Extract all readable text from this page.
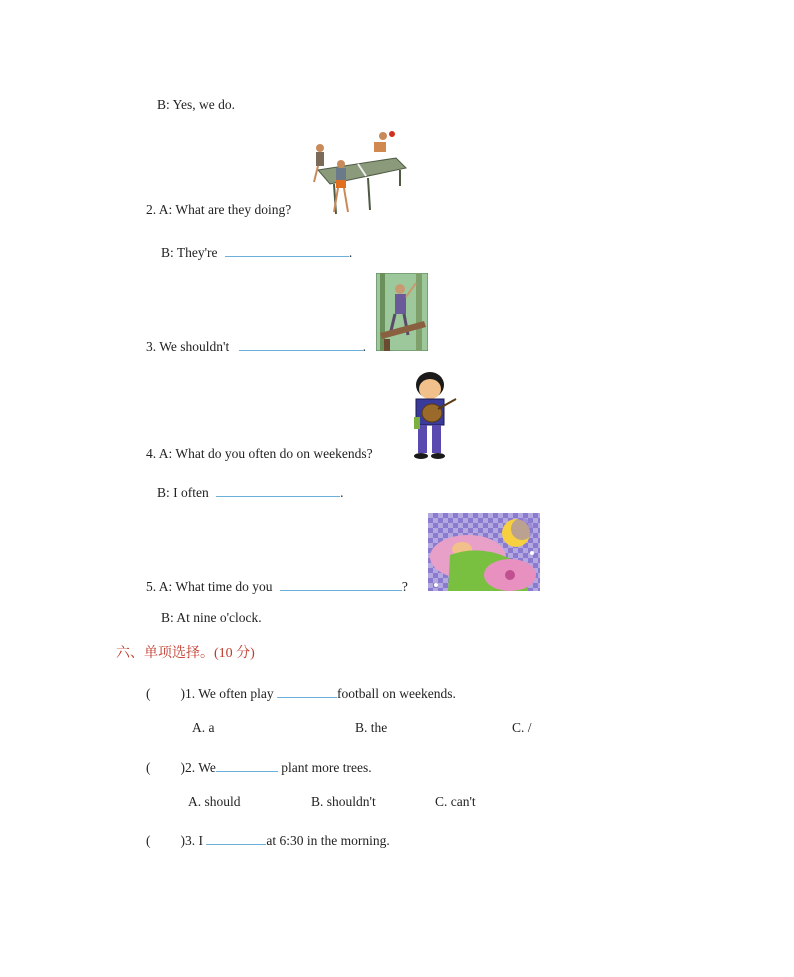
B: Yes, we do.
2. A: What are they doing?
B: They're	.
3. We shouldn't	.
4. A: What do you often do on weekends?
B: I often	.
5. A: What time do you	?
B: At nine o'clock.
六、单项选择。(10 分)
( )1. We often play	football on weekends.
A. a	B. the	C. /
( )2. We	plant more trees.
A. should	B. shouldn't	C. can't
( )3. I	at 6:30 in the morning.
